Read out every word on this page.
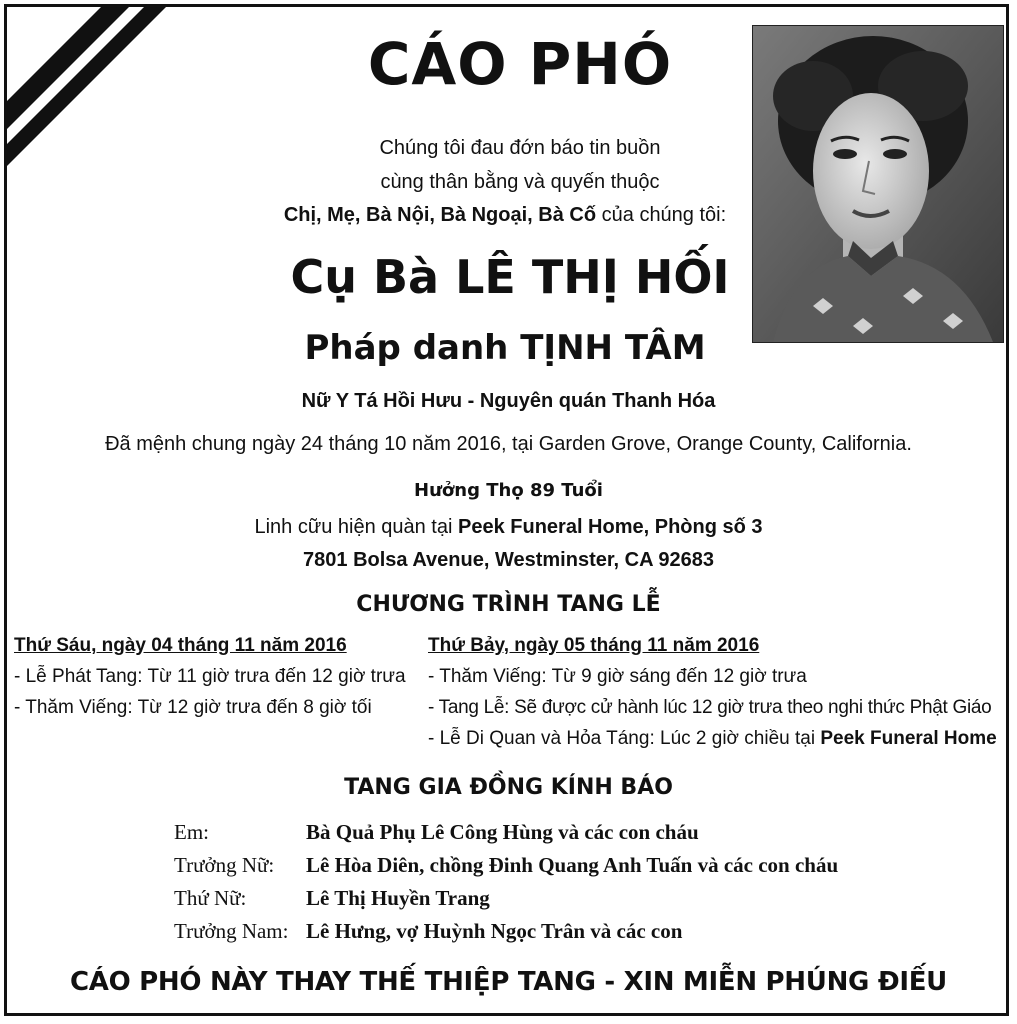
CÁO PHÓ
Chúng tôi đau đớn báo tin buồn
cùng thân bằng và quyến thuộc
Chị, Mẹ, Bà Nội, Bà Ngoại, Bà Cố của chúng tôi:
Cụ Bà LÊ THỊ HỐI
Pháp danh TỊNH TÂM
Nữ Y Tá Hồi Hưu - Nguyên quán Thanh Hóa
Đã mệnh chung ngày 24 tháng 10 năm 2016, tại Garden Grove, Orange County, California.
Hưởng Thọ 89 Tuổi
Linh cữu hiện quàn tại Peek Funeral Home, Phòng số 3
7801 Bolsa Avenue, Westminster, CA 92683
CHƯƠNG TRÌNH TANG LỄ
Thứ Sáu, ngày 04 tháng 11 năm 2016
- Lễ Phát Tang: Từ 11 giờ trưa đến 12 giờ trưa
- Thăm Viếng: Từ 12 giờ trưa đến 8 giờ tối
Thứ Bảy, ngày 05 tháng 11 năm 2016
- Thăm Viếng: Từ 9 giờ sáng đến 12 giờ trưa
- Tang Lễ: Sẽ được cử hành lúc 12 giờ trưa theo nghi thức Phật Giáo
- Lễ Di Quan và Hỏa Táng: Lúc 2 giờ chiều tại Peek Funeral Home
TANG GIA ĐỒNG KÍNH BÁO
Em:	Bà Quả Phụ Lê Công Hùng và các con cháu
Trưởng Nữ: Lê Hòa Diên, chồng Đinh Quang Anh Tuấn và các con cháu
Thứ Nữ:	Lê Thị Huyền Trang
Trưởng Nam: Lê Hưng, vợ Huỳnh Ngọc Trân và các con
CÁO PHÓ NÀY THAY THẾ THIỆP TANG - XIN MIỄN PHÚNG ĐIẾU
